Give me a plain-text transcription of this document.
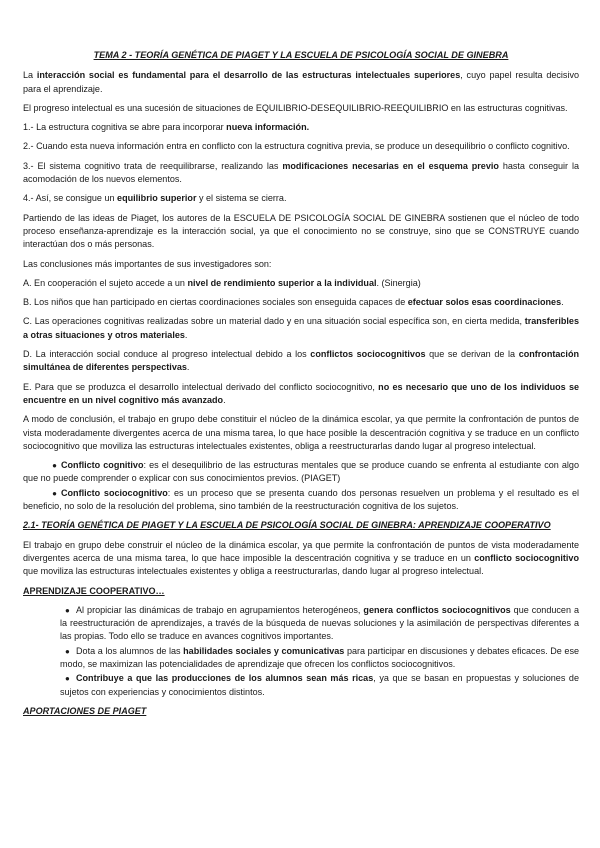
TEMA 2 - TEORÍA GENÉTICA DE PIAGET Y LA ESCUELA DE PSICOLOGÍA SOCIAL DE GINEBRA

La interacción social es fundamental para el desarrollo de las estructuras intelectuales superiores, cuyo papel resulta decisivo para el aprendizaje.

El progreso intelectual es una sucesión de situaciones de EQUILIBRIO-DESEQUILIBRIO-REEQUILIBRIO en las estructuras cognitivas.

1.- La estructura cognitiva se abre para incorporar nueva información.

2.- Cuando esta nueva información entra en conflicto con la estructura cognitiva previa, se produce un desequilibrio o conflicto cognitivo.

3.- El sistema cognitivo trata de reequilibrarse, realizando las modificaciones necesarias en el esquema previo hasta conseguir la acomodación de los nuevos elementos.

4.- Así, se consigue un equilibrio superior y el sistema se cierra.

Partiendo de las ideas de Piaget, los autores de la ESCUELA DE PSICOLOGÍA SOCIAL DE GINEBRA sostienen que el núcleo de todo proceso enseñanza-aprendizaje es la interacción social, ya que el conocimiento no se construye, sino que se CONSTRUYE cuando interactúan dos o más personas.

Las conclusiones más importantes de sus investigadores son:

A. En cooperación el sujeto accede a un nivel de rendimiento superior a la individual. (Sinergia)

B. Los niños que han participado en ciertas coordinaciones sociales son enseguida capaces de efectuar solos esas coordinaciones.

C. Las operaciones cognitivas realizadas sobre un material dado y en una situación social específica son, en cierta medida, transferibles a otras situaciones y otros materiales.

D. La interacción social conduce al progreso intelectual debido a los conflictos sociocognitivos que se derivan de la confrontación simultánea de diferentes perspectivas.

E. Para que se produzca el desarrollo intelectual derivado del conflicto sociocognitivo, no es necesario que uno de los individuos se encuentre en un nivel cognitivo más avanzado.

A modo de conclusión, el trabajo en grupo debe constituir el núcleo de la dinámica escolar, ya que permite la confrontación de puntos de vista moderadamente divergentes acerca de una misma tarea, lo que hace posible la descentración cognitiva y se traduce en un conflicto sociocognitivo que moviliza las estructuras intelectuales existentes, obliga a reestructurarlas dando lugar al progreso intelectual.

● Conflicto cognitivo: es el desequilibrio de las estructuras mentales que se produce cuando se enfrenta al estudiante con algo que no puede comprender o explicar con sus conocimientos previos. (PIAGET)
● Conflicto sociocognitivo: es un proceso que se presenta cuando dos personas resuelven un problema y el resultado es el beneficio, no solo de la resolución del problema, sino también de la reestructuración cognitiva de los sujetos.
2.1- TEORÍA GENÉTICA DE PIAGET Y LA ESCUELA DE PSICOLOGÍA SOCIAL DE GINEBRA: APRENDIZAJE COOPERATIVO

El trabajo en grupo debe construir el núcleo de la dinámica escolar, ya que permite la confrontación de puntos de vista moderadamente divergentes acerca de una misma tarea, lo que hace imposible la descentración cognitiva y se traduce en un conflicto sociocognitivo que moviliza las estructuras intelectuales existentes y obliga a reestructurarlas, dando lugar al progreso intelectual.

APRENDIZAJE COOPERATIVO…
● Al propiciar las dinámicas de trabajo en agrupamientos heterogéneos, genera conflictos sociocognitivos que conducen a la reestructuración de aprendizajes, a través de la búsqueda de nuevas soluciones y la asimilación de perspectivas diferentes a las propias. Todo ello se traduce en avances cognitivos importantes.
● Dota a los alumnos de las habilidades sociales y comunicativas para participar en discusiones y debates eficaces. De ese modo, se maximizan las potencialidades de aprendizaje que ofrecen los conflictos sociocognitivos.
● Contribuye a que las producciones de los alumnos sean más ricas, ya que se basan en propuestas y soluciones de sujetos con experiencias y conocimientos distintos.
APORTACIONES DE PIAGET
